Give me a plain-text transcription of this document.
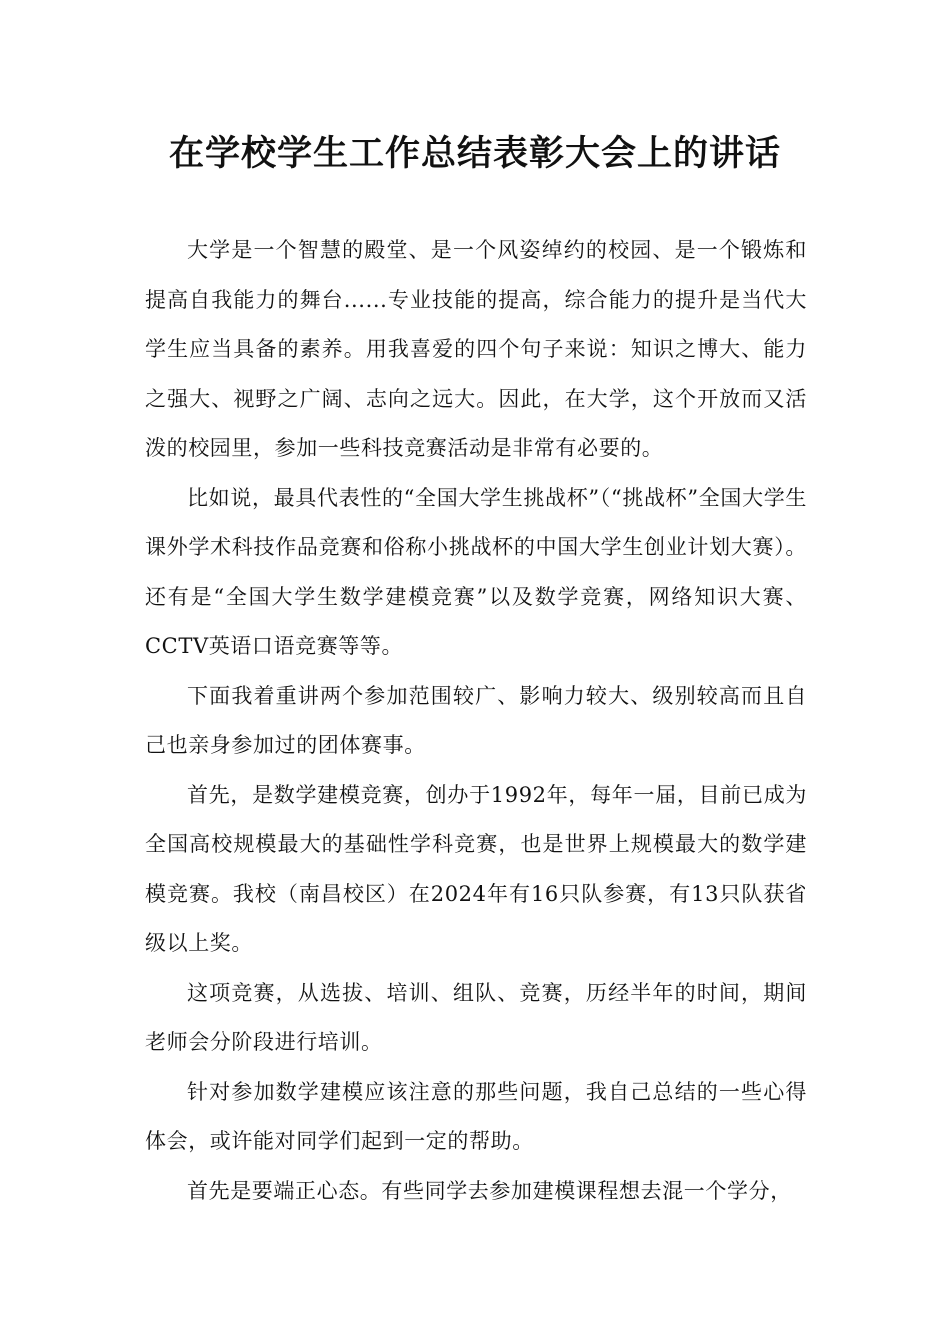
在学校学生工作总结表彰大会上的讲话

大学是一个智慧的殿堂、是一个风姿绰约的校园、是一个锻炼和提高自我能力的舞台......专业技能的提高，综合能力的提升是当代大学生应当具备的素养。用我喜爱的四个句子来说：知识之博大、能力之强大、视野之广阔、志向之远大。因此，在大学，这个开放而又活泼的校园里，参加一些科技竞赛活动是非常有必要的。

比如说，最具代表性的“全国大学生挑战杯”（“挑战杯”全国大学生课外学术科技作品竞赛和俗称小挑战杯的中国大学生创业计划大赛）。还有是“全国大学生数学建模竞赛”以及数学竞赛，网络知识大赛、CCTV英语口语竞赛等等。

下面我着重讲两个参加范围较广、影响力较大、级别较高而且自己也亲身参加过的团体赛事。

首先，是数学建模竞赛，创办于1992年，每年一届，目前已成为全国高校规模最大的基础性学科竞赛，也是世界上规模最大的数学建模竞赛。我校（南昌校区）在2024年有16只队参赛，有13只队获省级以上奖。

这项竞赛，从选拔、培训、组队、竞赛，历经半年的时间，期间老师会分阶段进行培训。

针对参加数学建模应该注意的那些问题，我自己总结的一些心得体会，或许能对同学们起到一定的帮助。

首先是要端正心态。有些同学去参加建模课程想去混一个学分，
